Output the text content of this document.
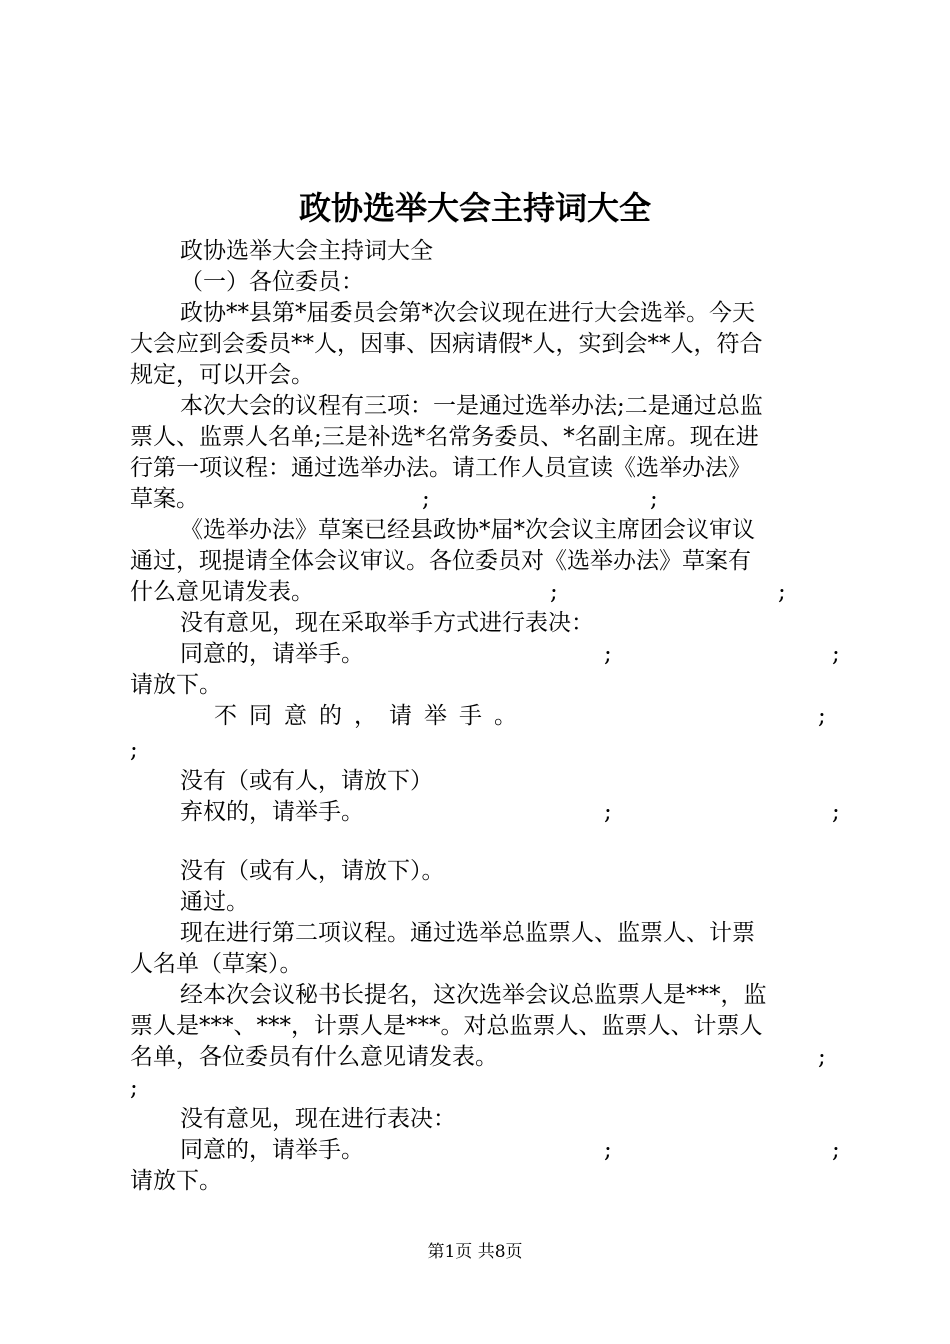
政协选举大会主持词大全
政协选举大会主持词大全
（一）各位委员：
政协**县第*届委员会第*次会议现在进行大会选举。今天
大会应到会委员**人，因事、因病请假*人，实到会**人，符合
规定，可以开会。
本次大会的议程有三项：一是通过选举办法;二是通过总监
票人、监票人名单;三是补选*名常务委员、*名副主席。现在进
行第一项议程：通过选举办法。请工作人员宣读《选举办法》
草案。	;	;
《选举办法》草案已经县政协*届*次会议主席团会议审议
通过，现提请全体会议审议。各位委员对《选举办法》草案有
什么意见请发表。	;	;
没有意见，现在采取举手方式进行表决：
同意的，请举手。	;	;
请放下。
不同意的，请举手。	;
;
没有（或有人，请放下）
弃权的，请举手。	;	;
没有（或有人，请放下）。
通过。
现在进行第二项议程。通过选举总监票人、监票人、计票
人名单（草案）。
经本次会议秘书长提名，这次选举会议总监票人是***，监
票人是***、***，计票人是***。对总监票人、监票人、计票人
名单，各位委员有什么意见请发表。	;
;
没有意见，现在进行表决：
同意的，请举手。	;	;
请放下。
第1页 共8页
